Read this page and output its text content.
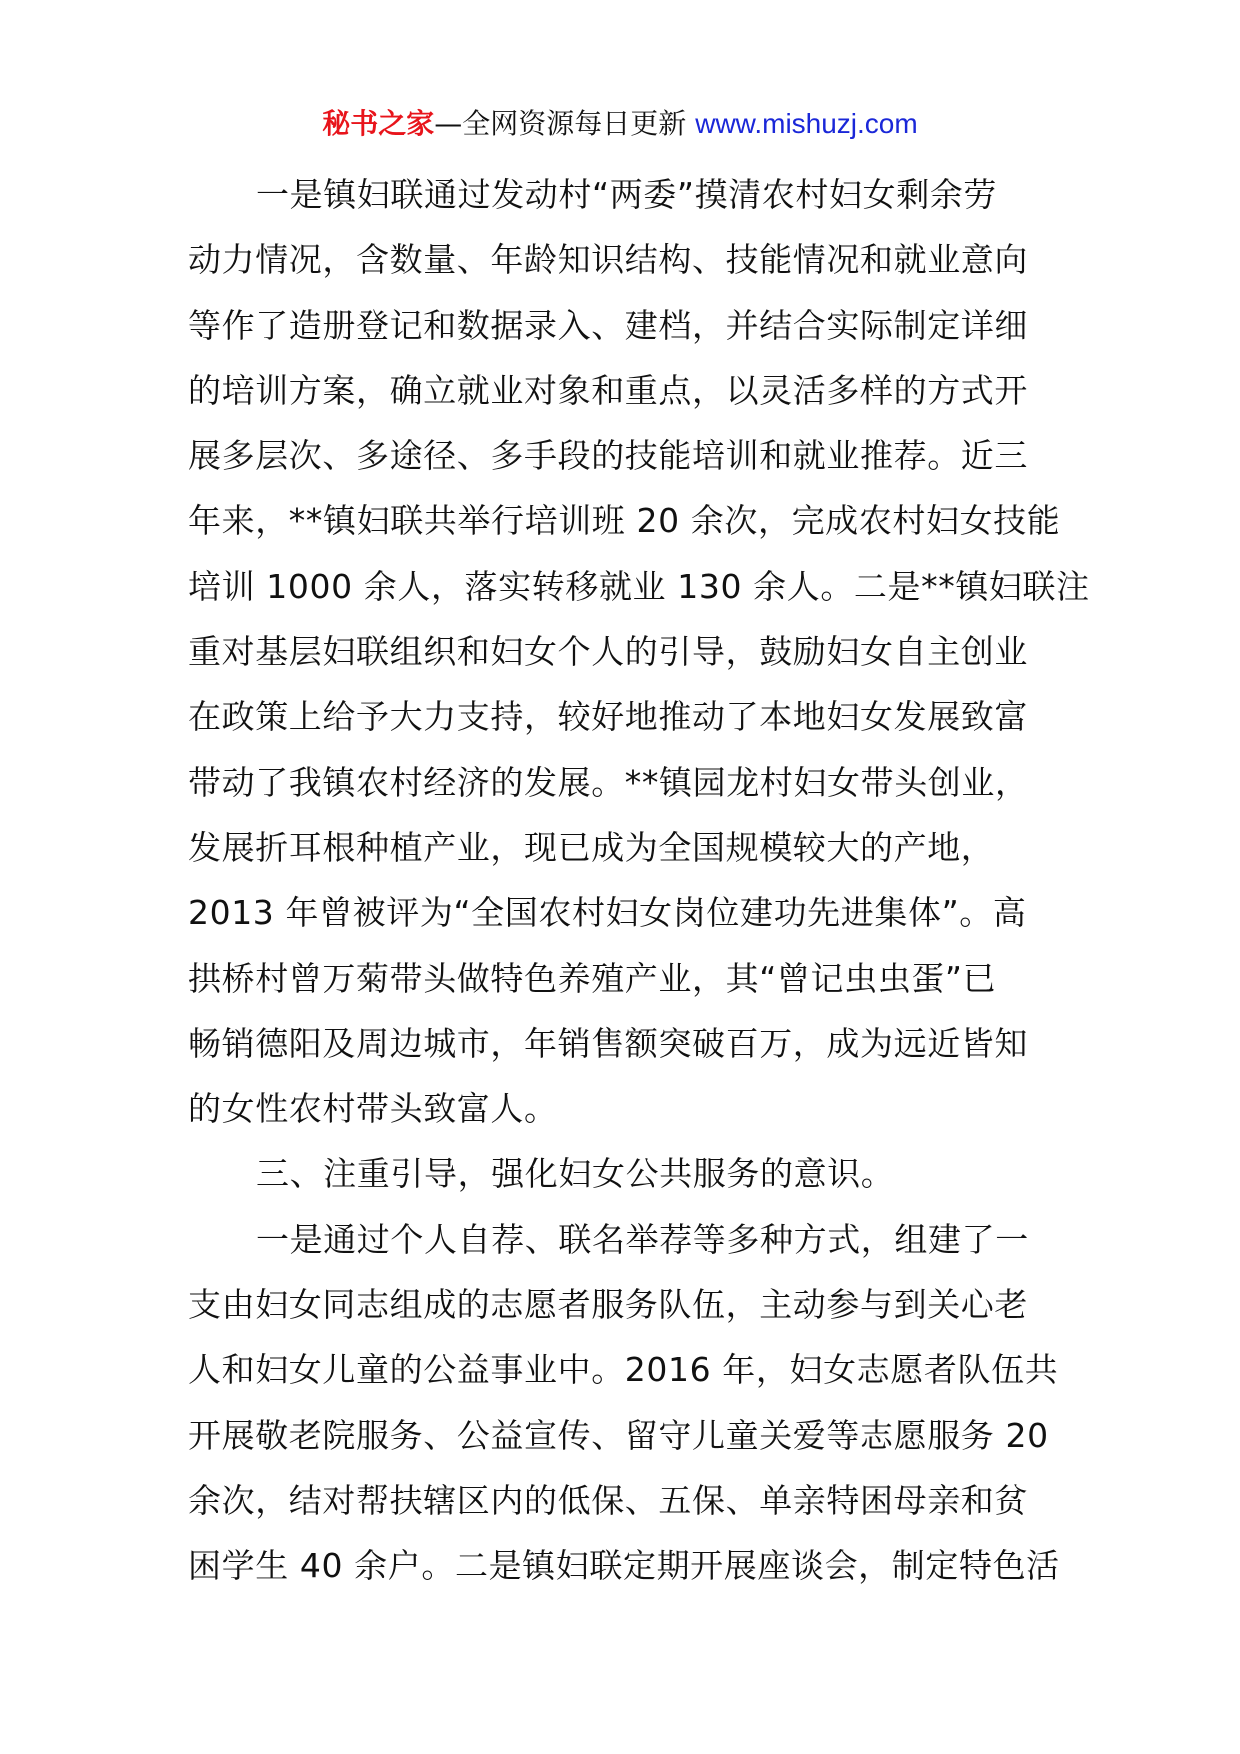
秘书之家—全网资源每日更新 www.mishuzj.com
一是镇妇联通过发动村“两委”摸清农村妇女剩余劳
动力情况，含数量、年龄知识结构、技能情况和就业意向
等作了造册登记和数据录入、建档，并结合实际制定详细
的培训方案，确立就业对象和重点，以灵活多样的方式开
展多层次、多途径、多手段的技能培训和就业推荐。近三
年来，**镇妇联共举行培训班 20 余次，完成农村妇女技能
培训 1000 余人，落实转移就业 130 余人。二是**镇妇联注
重对基层妇联组织和妇女个人的引导，鼓励妇女自主创业
在政策上给予大力支持，较好地推动了本地妇女发展致富
带动了我镇农村经济的发展。**镇园龙村妇女带头创业，
发展折耳根种植产业，现已成为全国规模较大的产地，
2013 年曾被评为“全国农村妇女岗位建功先进集体”。高
拱桥村曾万菊带头做特色养殖产业，其“曾记虫虫蛋”已
畅销德阳及周边城市，年销售额突破百万，成为远近皆知
的女性农村带头致富人。
三、注重引导，强化妇女公共服务的意识。
一是通过个人自荐、联名举荐等多种方式，组建了一
支由妇女同志组成的志愿者服务队伍，主动参与到关心老
人和妇女儿童的公益事业中。2016 年，妇女志愿者队伍共
开展敬老院服务、公益宣传、留守儿童关爱等志愿服务 20
余次，结对帮扶辖区内的低保、五保、单亲特困母亲和贫
困学生 40 余户。二是镇妇联定期开展座谈会，制定特色活
